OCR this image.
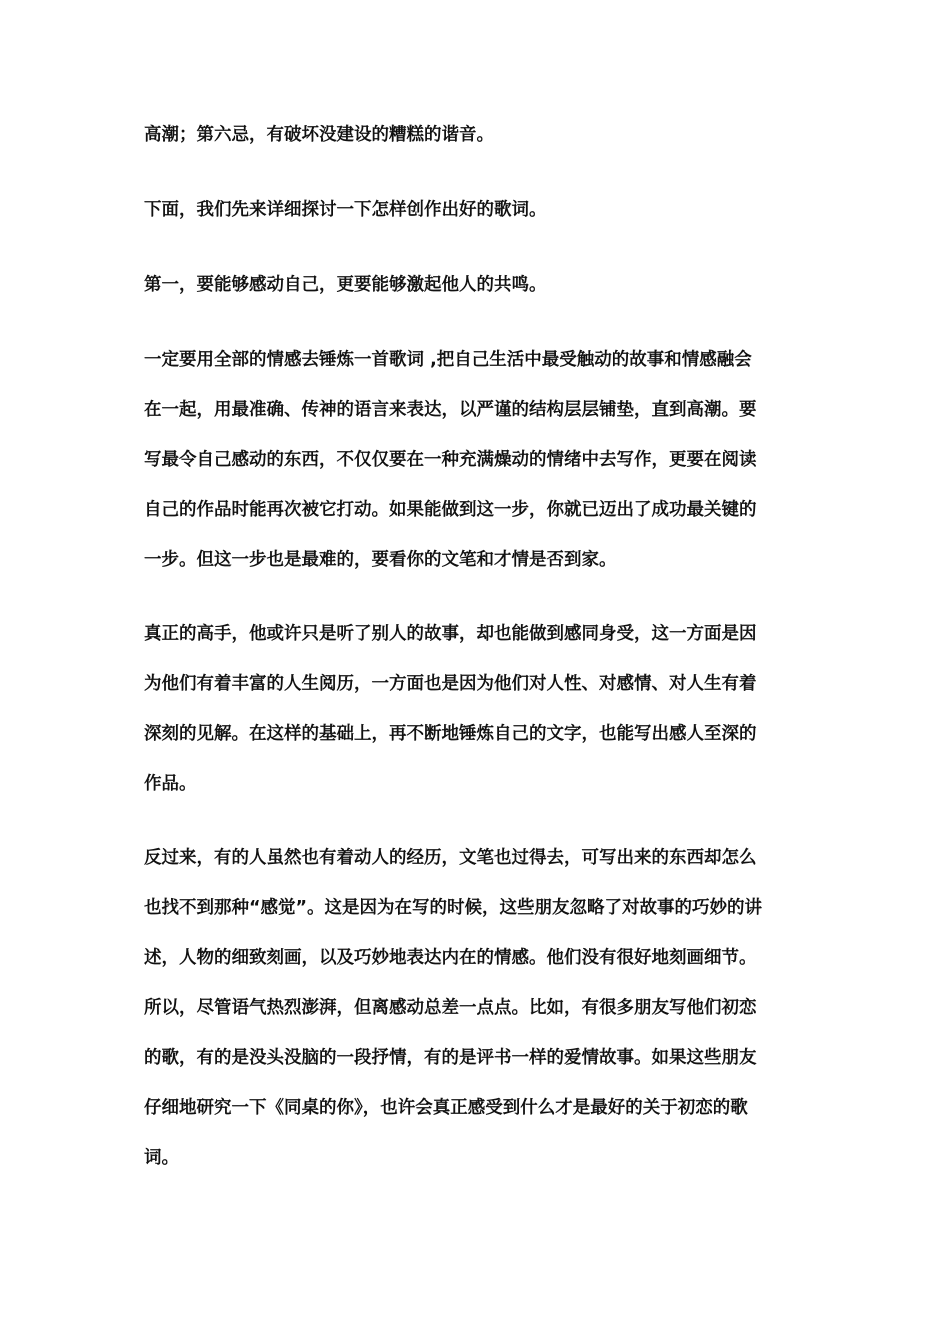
高潮；第六忌，有破坏没建设的糟糕的谐音。

下面，我们先来详细探讨一下怎样创作出好的歌词。

第一，要能够感动自己，更要能够激起他人的共鸣。

一定要用全部的情感去锤炼一首歌词 ,把自己生活中最受触动的故事和情感融会
在一起，用最准确、传神的语言来表达，以严谨的结构层层铺垫，直到高潮。要
写最令自己感动的东西，不仅仅要在一种充满燥动的情绪中去写作，更要在阅读
自己的作品时能再次被它打动。如果能做到这一步，你就已迈出了成功最关键的
一步。但这一步也是最难的，要看你的文笔和才情是否到家。

真正的高手，他或许只是听了别人的故事，却也能做到感同身受，这一方面是因
为他们有着丰富的人生阅历，一方面也是因为他们对人性、对感情、对人生有着
深刻的见解。在这样的基础上，再不断地锤炼自己的文字，也能写出感人至深的
作品。

反过来，有的人虽然也有着动人的经历，文笔也过得去，可写出来的东西却怎么
也找不到那种“感觉”。这是因为在写的时候，这些朋友忽略了对故事的巧妙的讲
述，人物的细致刻画，以及巧妙地表达内在的情感。他们没有很好地刻画细节。
所以，尽管语气热烈澎湃，但离感动总差一点点。比如，有很多朋友写他们初恋
的歌，有的是没头没脑的一段抒情，有的是评书一样的爱情故事。如果这些朋友
仔细地研究一下《同桌的你》，也许会真正感受到什么才是最好的关于初恋的歌
词。
